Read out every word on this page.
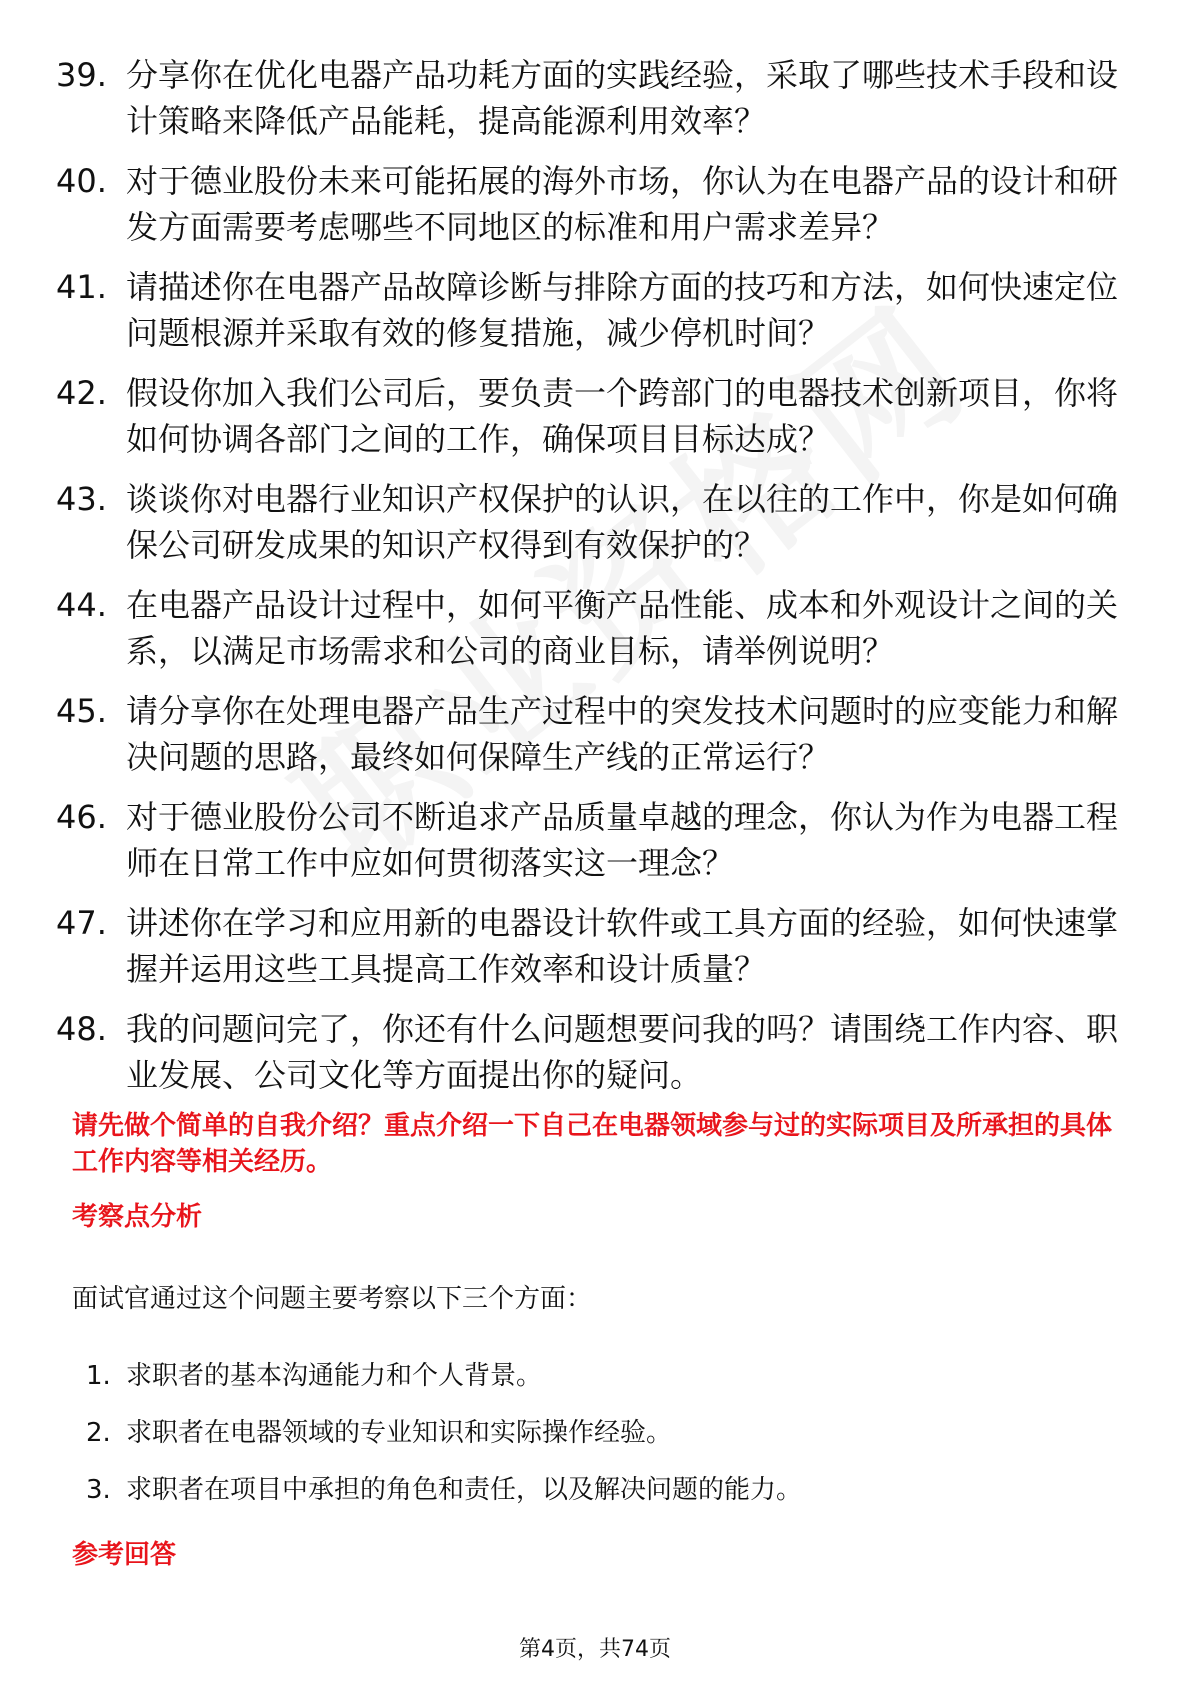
39. 分享你在优化电器产品功耗方面的实践经验，采取了哪些技术手段和设计策略来降低产品能耗，提高能源利用效率？
40. 对于德业股份未来可能拓展的海外市场，你认为在电器产品的设计和研发方面需要考虑哪些不同地区的标准和用户需求差异？
41. 请描述你在电器产品故障诊断与排除方面的技巧和方法，如何快速定位问题根源并采取有效的修复措施，减少停机时间？
42. 假设你加入我们公司后，要负责一个跨部门的电器技术创新项目，你将如何协调各部门之间的工作，确保项目目标达成？
43. 谈谈你对电器行业知识产权保护的认识，在以往的工作中，你是如何确保公司研发成果的知识产权得到有效保护的？
44. 在电器产品设计过程中，如何平衡产品性能、成本和外观设计之间的关系，以满足市场需求和公司的商业目标，请举例说明？
45. 请分享你在处理电器产品生产过程中的突发技术问题时的应变能力和解决问题的思路，最终如何保障生产线的正常运行？
46. 对于德业股份公司不断追求产品质量卓越的理念，你认为作为电器工程师在日常工作中应如何贯彻落实这一理念？
47. 讲述你在学习和应用新的电器设计软件或工具方面的经验，如何快速掌握并运用这些工具提高工作效率和设计质量？
48. 我的问题问完了，你还有什么问题想要问我的吗？请围绕工作内容、职业发展、公司文化等方面提出你的疑问。
请先做个简单的自我介绍？重点介绍一下自己在电器领域参与过的实际项目及所承担的具体工作内容等相关经历。
考察点分析
面试官通过这个问题主要考察以下三个方面：
1. 求职者的基本沟通能力和个人背景。
2. 求职者在电器领域的专业知识和实际操作经验。
3. 求职者在项目中承担的角色和责任，以及解决问题的能力。
参考回答
第4页，共74页
